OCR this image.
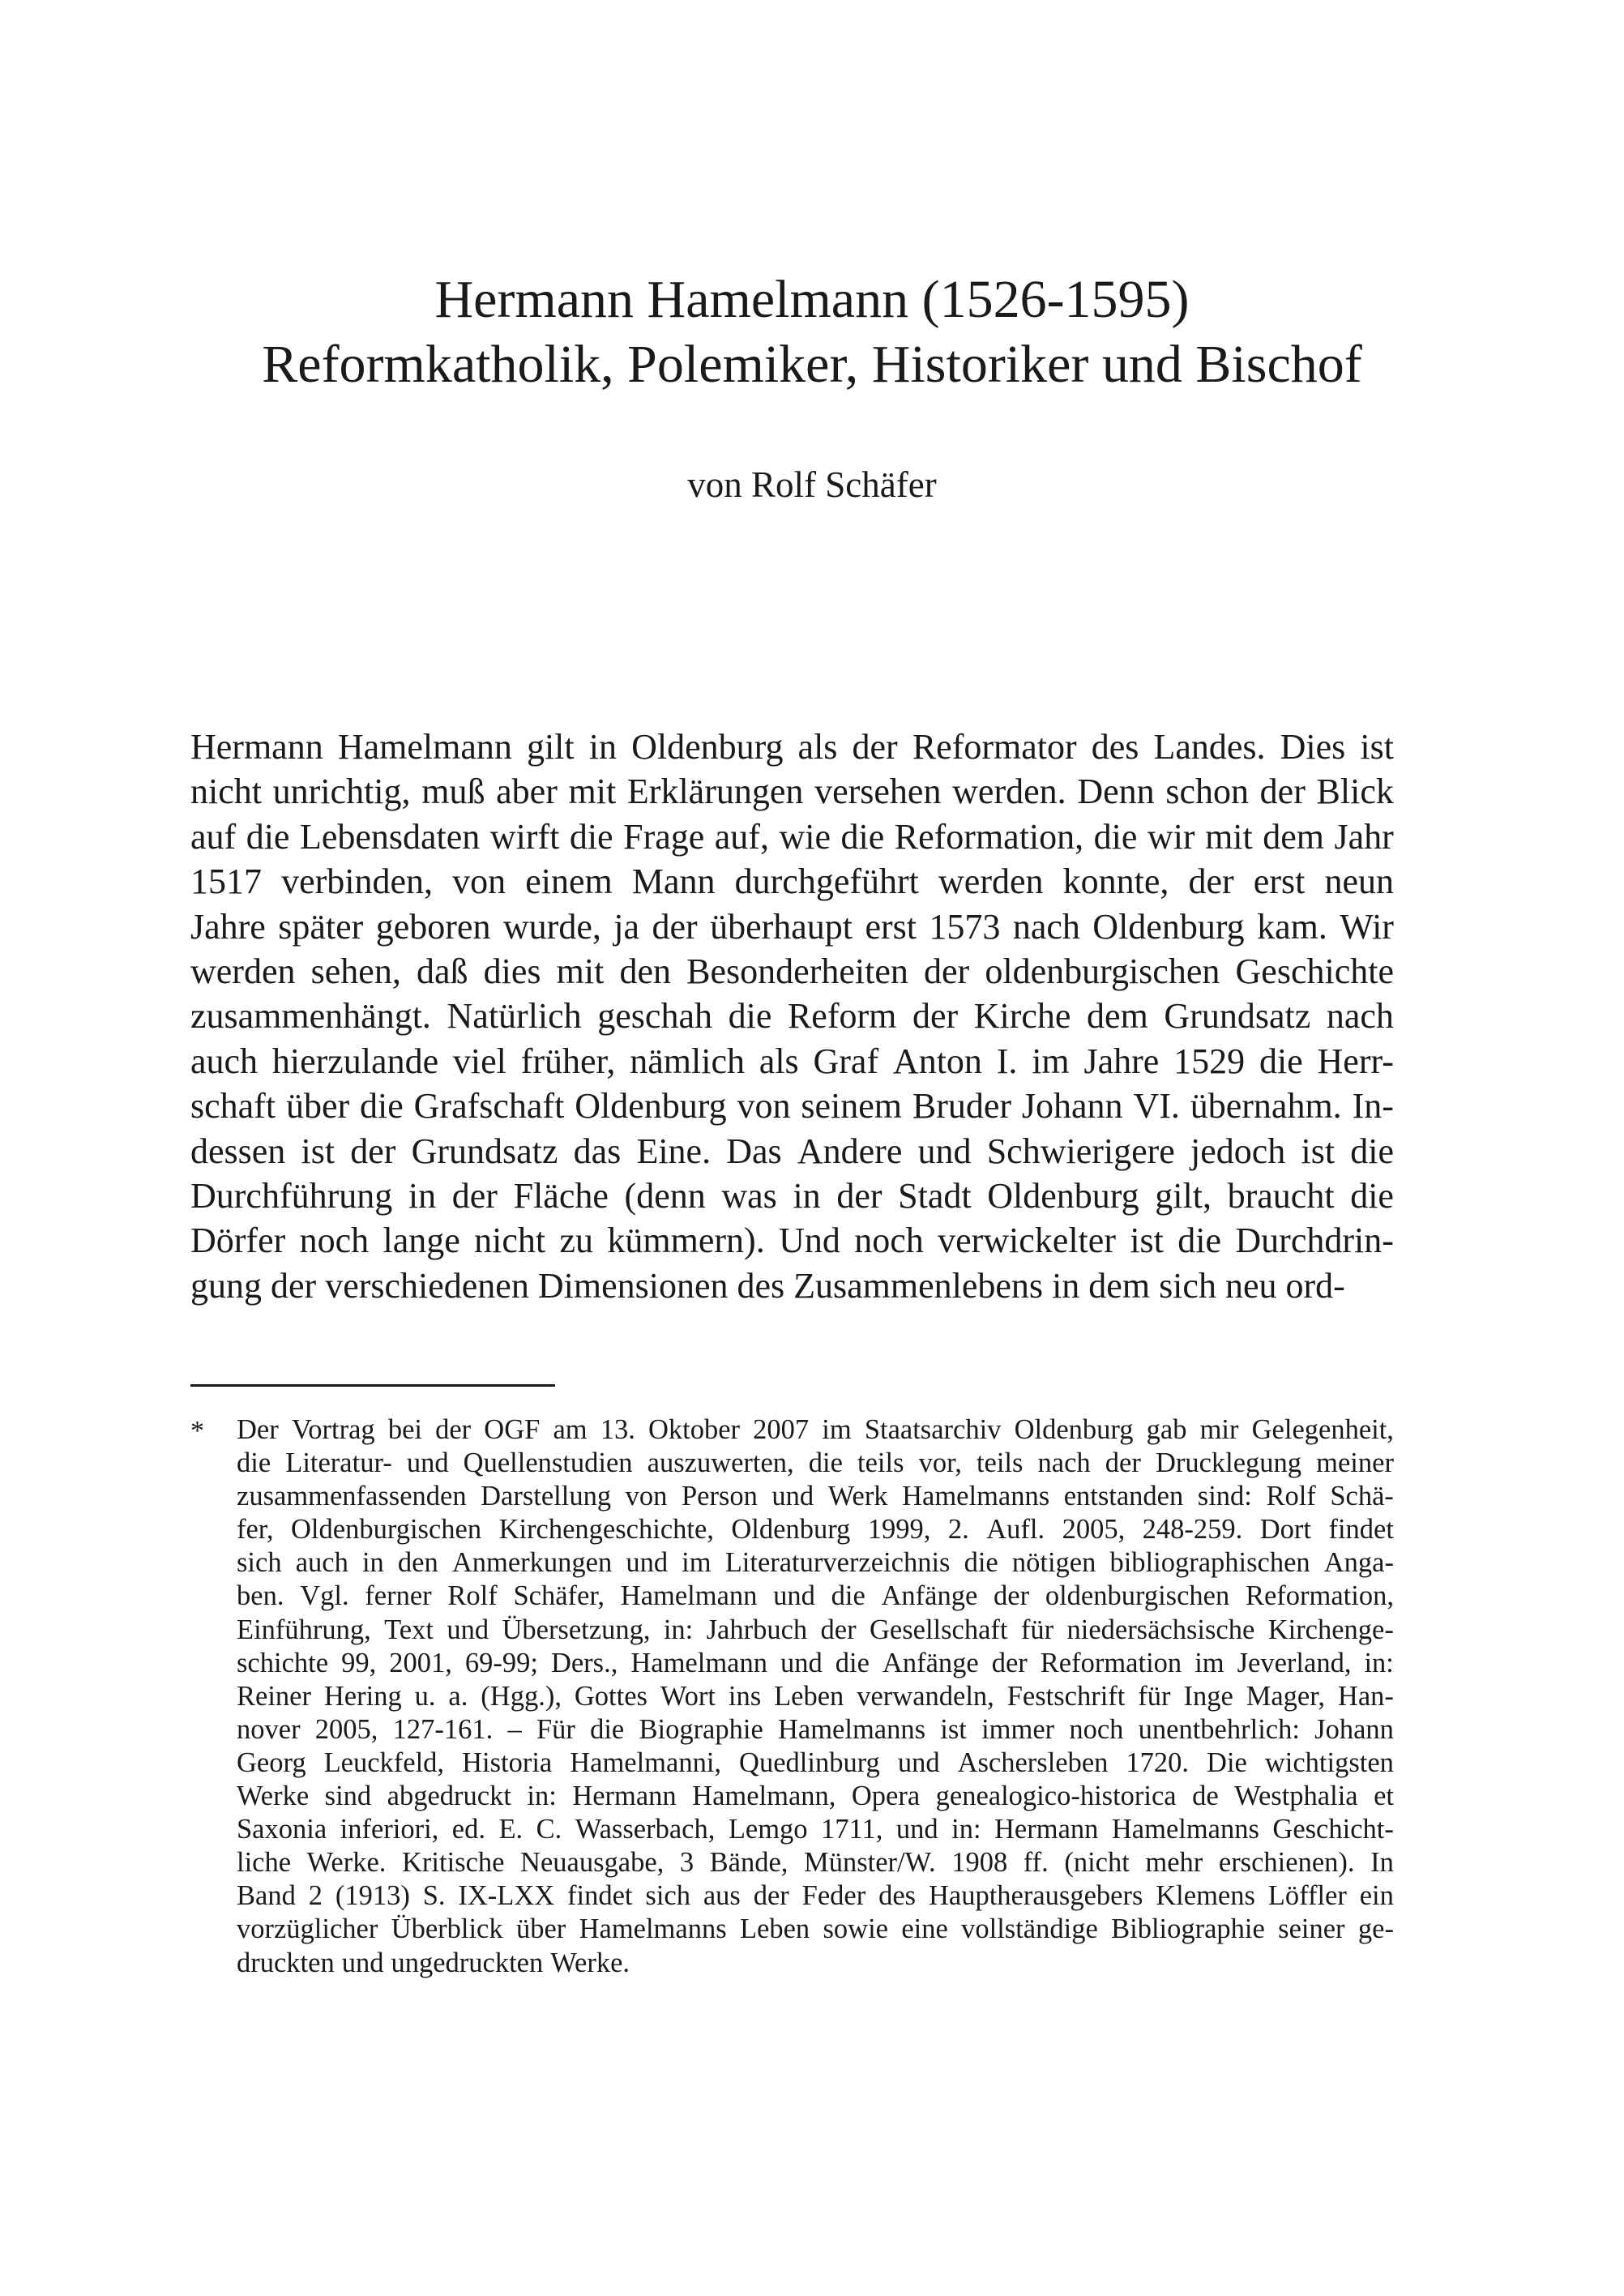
Hermann Hamelmann (1526-1595)
Reformkatholik, Polemiker, Historiker und Bischof
von Rolf Schäfer
Hermann Hamelmann gilt in Oldenburg als der Reformator des Landes. Dies ist
nicht unrichtig, muß aber mit Erklärungen versehen werden. Denn schon der Blick
auf die Lebensdaten wirft die Frage auf, wie die Reformation, die wir mit dem Jahr
1517 verbinden, von einem Mann durchgeführt werden konnte, der erst neun
Jahre später geboren wurde, ja der überhaupt erst 1573 nach Oldenburg kam. Wir
werden sehen, daß dies mit den Besonderheiten der oldenburgischen Geschichte
zusammenhängt. Natürlich geschah die Reform der Kirche dem Grundsatz nach
auch hierzulande viel früher, nämlich als Graf Anton I. im Jahre 1529 die Herr-
schaft über die Grafschaft Oldenburg von seinem Bruder Johann VI. übernahm. In-
dessen ist der Grundsatz das Eine. Das Andere und Schwierigere jedoch ist die
Durchführung in der Fläche (denn was in der Stadt Oldenburg gilt, braucht die
Dörfer noch lange nicht zu kümmern). Und noch verwickelter ist die Durchdrin-
gung der verschiedenen Dimensionen des Zusammenlebens in dem sich neu ord-
* Der Vortrag bei der OGF am 13. Oktober 2007 im Staatsarchiv Oldenburg gab mir Gelegenheit,
die Literatur- und Quellenstudien auszuwerten, die teils vor, teils nach der Drucklegung meiner
zusammenfassenden Darstellung von Person und Werk Hamelmanns entstanden sind: Rolf Schä-
fer, Oldenburgischen Kirchengeschichte, Oldenburg 1999, 2. Aufl. 2005, 248-259. Dort findet
sich auch in den Anmerkungen und im Literaturverzeichnis die nötigen bibliographischen Anga-
ben. Vgl. ferner Rolf Schäfer, Hamelmann und die Anfänge der oldenburgischen Reformation,
Einführung, Text und Übersetzung, in: Jahrbuch der Gesellschaft für niedersächsische Kirchenge-
schichte 99, 2001, 69-99; Ders., Hamelmann und die Anfänge der Reformation im Jeverland, in:
Reiner Hering u. a. (Hgg.), Gottes Wort ins Leben verwandeln, Festschrift für Inge Mager, Han-
nover 2005, 127-161. – Für die Biographie Hamelmanns ist immer noch unentbehrlich: Johann
Georg Leuckfeld, Historia Hamelmanni, Quedlinburg und Aschersleben 1720. Die wichtigsten
Werke sind abgedruckt in: Hermann Hamelmann, Opera genealogico-historica de Westphalia et
Saxonia inferiori, ed. E. C. Wasserbach, Lemgo 1711, und in: Hermann Hamelmanns Geschicht-
liche Werke. Kritische Neuausgabe, 3 Bände, Münster/W. 1908 ff. (nicht mehr erschienen). In
Band 2 (1913) S. IX-LXX findet sich aus der Feder des Hauptherausgebers Klemens Löffler ein
vorzüglicher Überblick über Hamelmanns Leben sowie eine vollständige Bibliographie seiner ge-
druckten und ungedruckten Werke.
